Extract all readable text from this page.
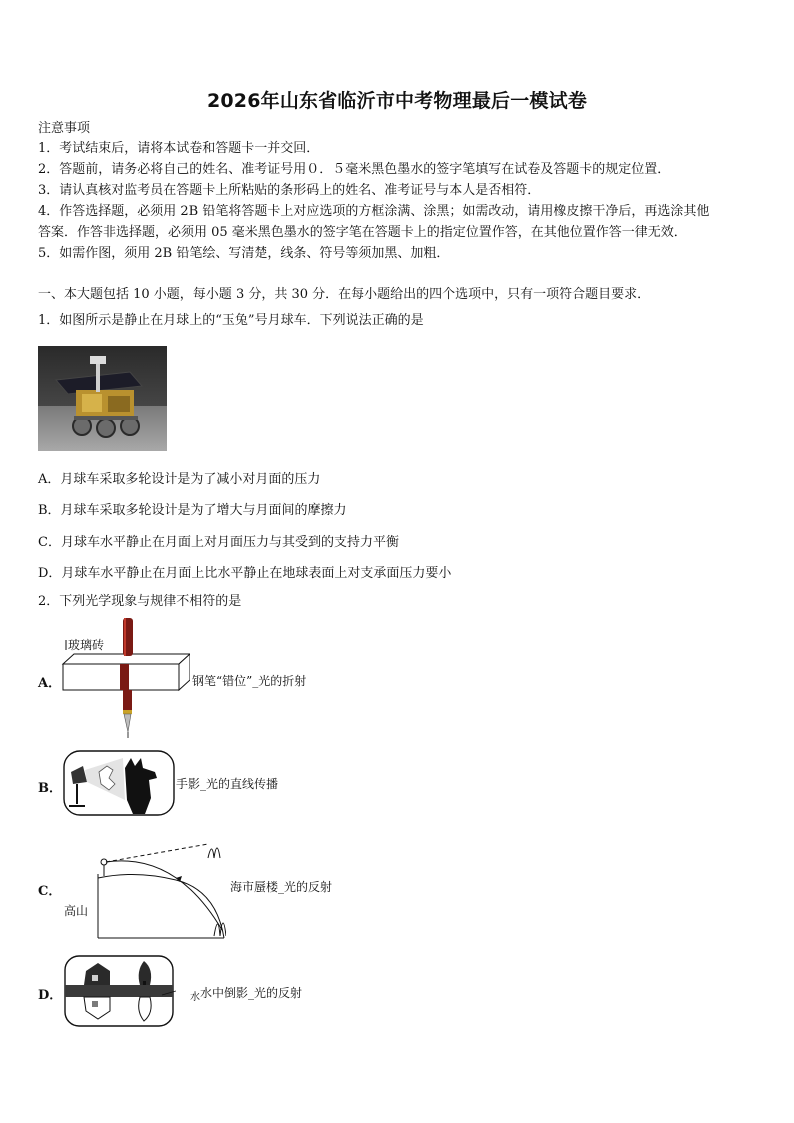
2026年山东省临沂市中考物理最后一模试卷
注意事项
1．考试结束后，请将本试卷和答题卡一并交回．
2．答题前，请务必将自己的姓名、准考证号用０．５毫米黑色墨水的签字笔填写在试卷及答题卡的规定位置．
3．请认真核对监考员在答题卡上所粘贴的条形码上的姓名、准考证号与本人是否相符．
4．作答选择题，必须用 2B 铅笔将答题卡上对应选项的方框涂满、涂黑；如需改动，请用橡皮擦干净后，再选涂其他
答案．作答非选择题，必须用 05 毫米黑色墨水的签字笔在答题卡上的指定位置作答，在其他位置作答一律无效．
5．如需作图，须用 2B 铅笔绘、写清楚，线条、符号等须加黑、加粗．
一、本大题包括 10 小题，每小题 3 分，共 30 分．在每小题给出的四个选项中，只有一项符合题目要求．
1．如图所示是静止在月球上的“玉兔”号月球车．下列说法正确的是
A．月球车采取多轮设计是为了减小对月面的压力
B．月球车采取多轮设计是为了增大与月面间的摩擦力
C．月球车水平静止在月面上对月面压力与其受到的支持力平衡
D．月球车水平静止在月面上比水平静止在地球表面上对支承面压力要小
2．下列光学现象与规律不相符的是
A．
玻璃砖
钢笔“错位”_光的折射
B．	手影_光的直线传播
C．
高山
海市蜃楼_光的反射
D．	水 水中倒影_光的反射
